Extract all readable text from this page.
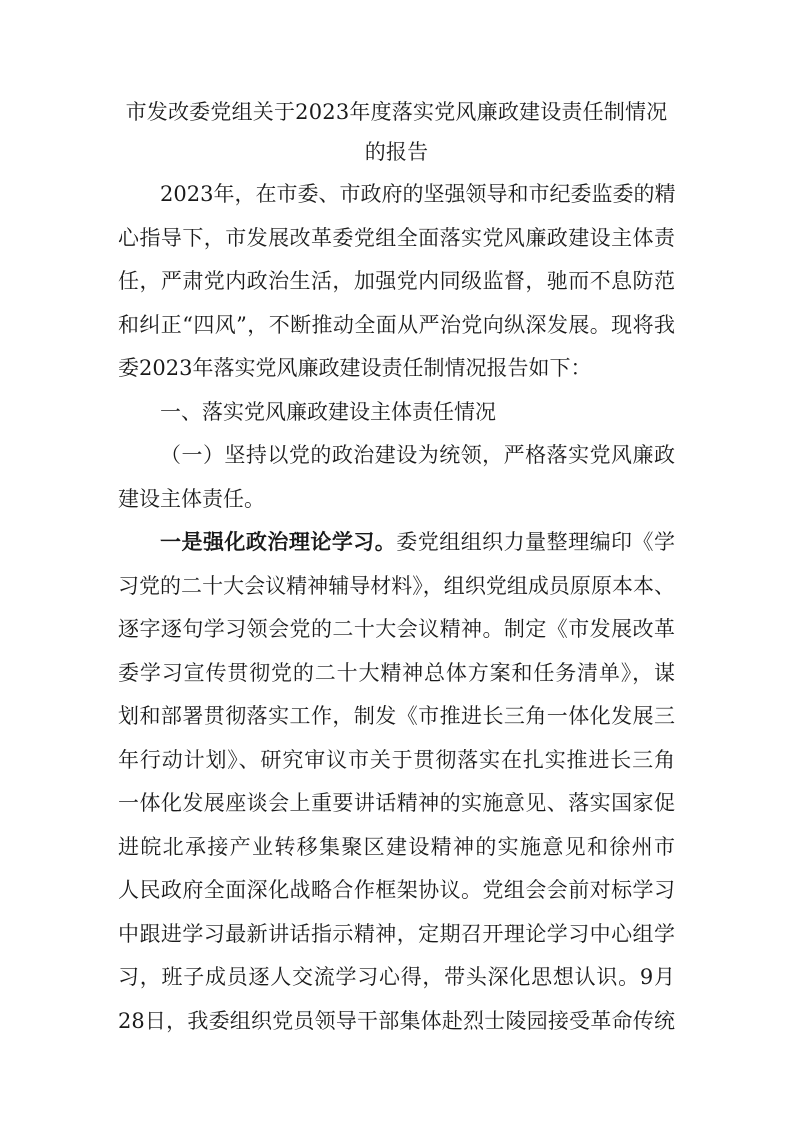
市发改委党组关于2023年度落实党风廉政建设责任制情况
的报告
2023年，在市委、市政府的坚强领导和市纪委监委的精
心指导下，市发展改革委党组全面落实党风廉政建设主体责
任，严肃党内政治生活，加强党内同级监督，驰而不息防范
和纠正“四风”，不断推动全面从严治党向纵深发展。现将我
委2023年落实党风廉政建设责任制情况报告如下：
一、落实党风廉政建设主体责任情况
（一）坚持以党的政治建设为统领，严格落实党风廉政
建设主体责任。
一是强化政治理论学习。委党组组织力量整理编印《学
习党的二十大会议精神辅导材料》，组织党组成员原原本本、
逐字逐句学习领会党的二十大会议精神。制定《市发展改革
委学习宣传贯彻党的二十大精神总体方案和任务清单》，谋
划和部署贯彻落实工作，制发《市推进长三角一体化发展三
年行动计划》、研究审议市关于贯彻落实在扎实推进长三角
一体化发展座谈会上重要讲话精神的实施意见、落实国家促
进皖北承接产业转移集聚区建设精神的实施意见和徐州市
人民政府全面深化战略合作框架协议。党组会会前对标学习
中跟进学习最新讲话指示精神，定期召开理论学习中心组学
习，班子成员逐人交流学习心得，带头深化思想认识。9月
28日，我委组织党员领导干部集体赴烈士陵园接受革命传统
